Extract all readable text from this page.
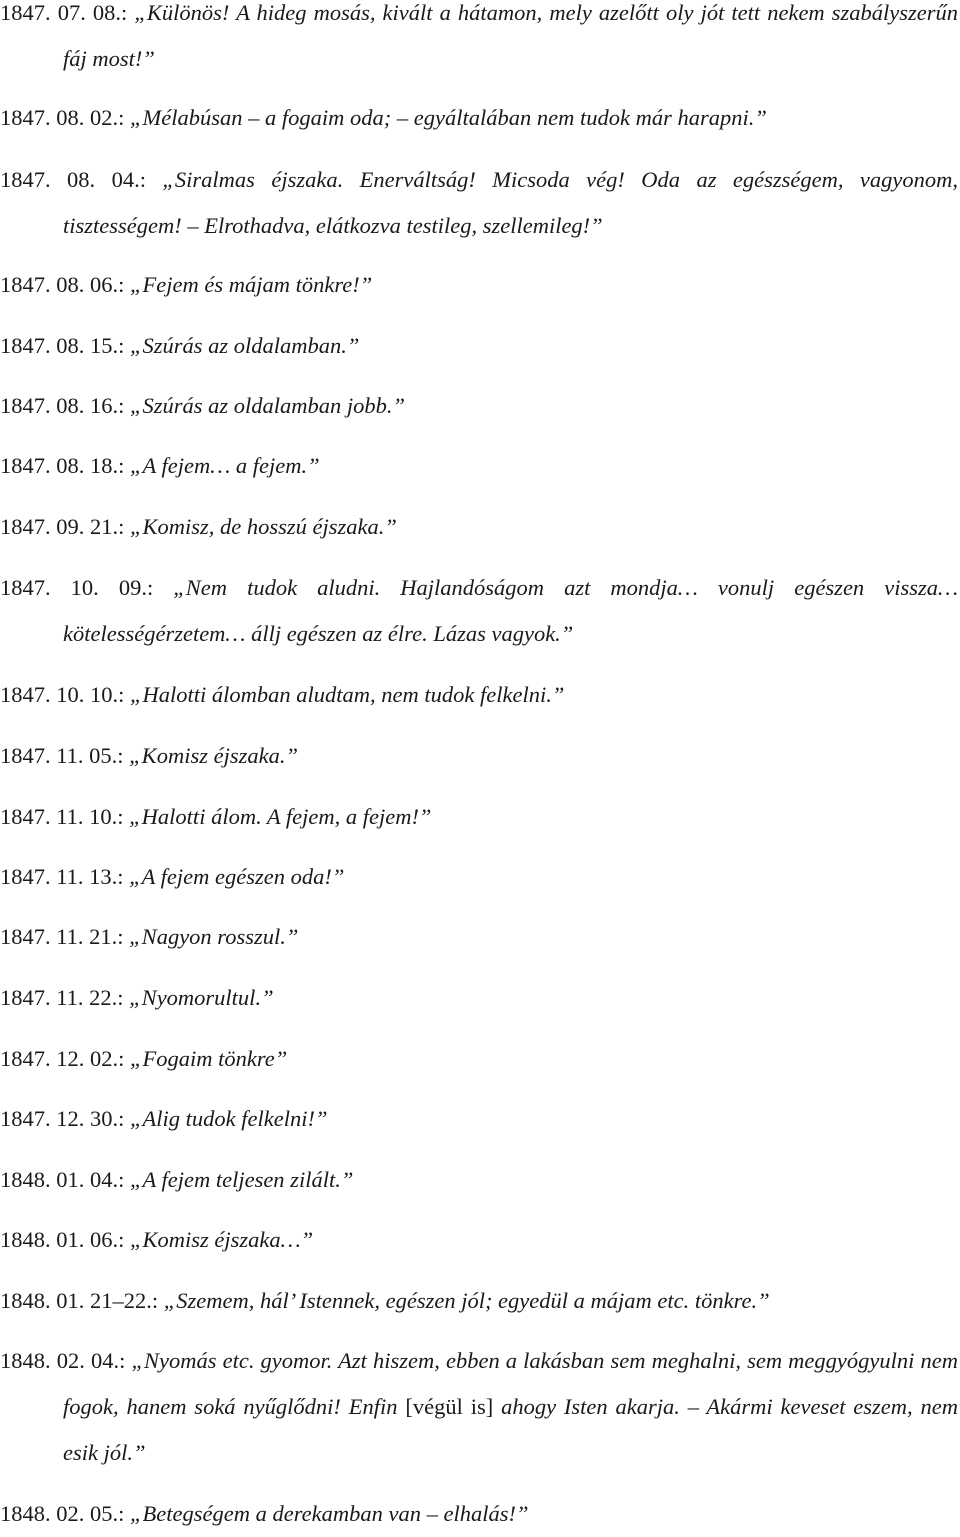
1847. 07. 08.: „Különös! A hideg mosás, kivált a hátamon, mely azelőtt oly jót tett nekem szabályszerűn fáj most!”

1847. 08. 02.: „Mélabúsan – a fogaim oda; – egyáltalában nem tudok már harapni.”

1847. 08. 04.: „Siralmas éjszaka. Enerváltság! Micsoda vég! Oda az egészségem, vagyonom, tisztességem! – Elrothadva, elátkozva testileg, szellemileg!”

1847. 08. 06.: „Fejem és májam tönkre!”

1847. 08. 15.: „Szúrás az oldalamban.”

1847. 08. 16.: „Szúrás az oldalamban jobb.”

1847. 08. 18.: „A fejem… a fejem.”

1847. 09. 21.: „Komisz, de hosszú éjszaka.”

1847. 10. 09.: „Nem tudok aludni. Hajlandóságom azt mondja… vonulj egészen vissza… kötelességérzetem… állj egészen az élre. Lázas vagyok.”

1847. 10. 10.: „Halotti álomban aludtam, nem tudok felkelni.”

1847. 11. 05.: „Komisz éjszaka.”

1847. 11. 10.: „Halotti álom. A fejem, a fejem!”

1847. 11. 13.: „A fejem egészen oda!”

1847. 11. 21.: „Nagyon rosszul.”

1847. 11. 22.: „Nyomorultul.”

1847. 12. 02.: „Fogaim tönkre”

1847. 12. 30.: „Alig tudok felkelni!”

1848. 01. 04.: „A fejem teljesen zilált.”

1848. 01. 06.: „Komisz éjszaka…”

1848. 01. 21–22.: „Szemem, hál’ Istennek, egészen jól; egyedül a májam etc. tönkre.”

1848. 02. 04.: „Nyomás etc. gyomor. Azt hiszem, ebben a lakásban sem meghalni, sem meggyógyulni nem fogok, hanem soká nyűglődni! Enfin [végül is] ahogy Isten akarja. – Akármi keveset eszem, nem esik jól.”

1848. 02. 05.: „Betegségem a derekamban van – elhalás!”
